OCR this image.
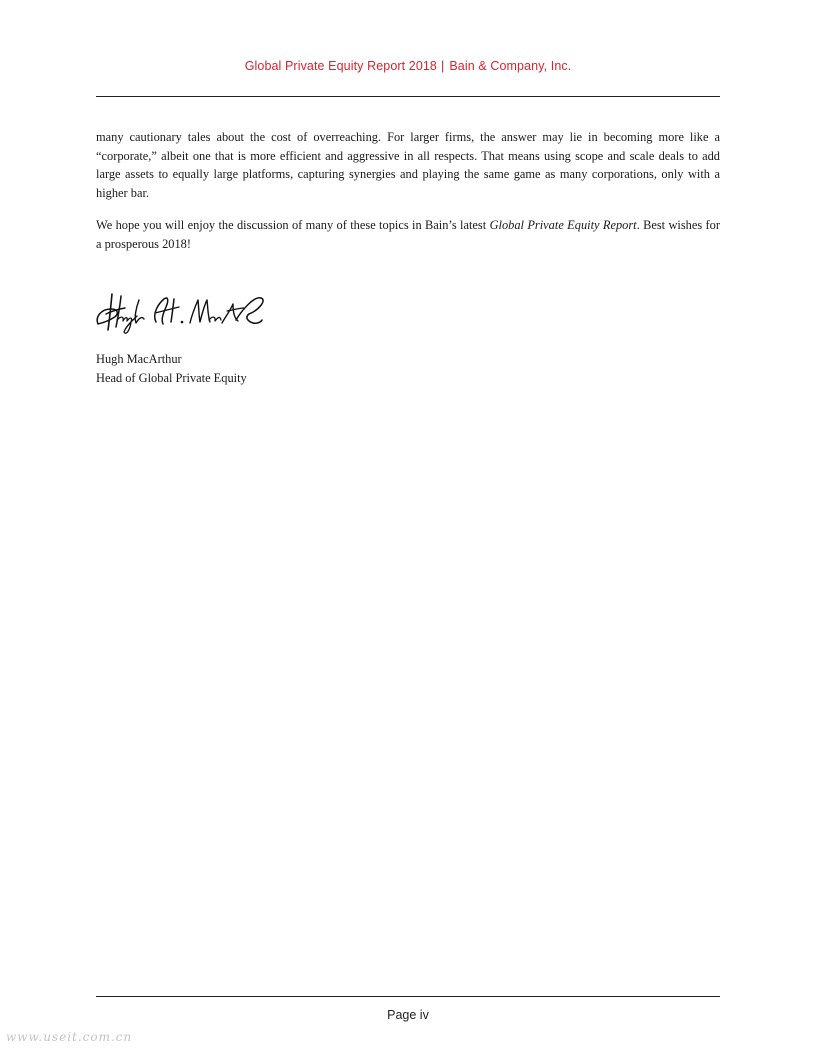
Global Private Equity Report 2018 | Bain & Company, Inc.

many cautionary tales about the cost of overreaching. For larger firms, the answer may lie in becoming more like a “corporate,” albeit one that is more efficient and aggressive in all respects. That means using scope and scale deals to add large assets to equally large platforms, capturing synergies and playing the same game as many corporations, only with a higher bar.

We hope you will enjoy the discussion of many of these topics in Bain’s latest Global Private Equity Report. Best wishes for a prosperous 2018!

Hugh MacArthur
Hugh MacArthur
Head of Global Private Equity
Page iv
www.useit.com.cn
